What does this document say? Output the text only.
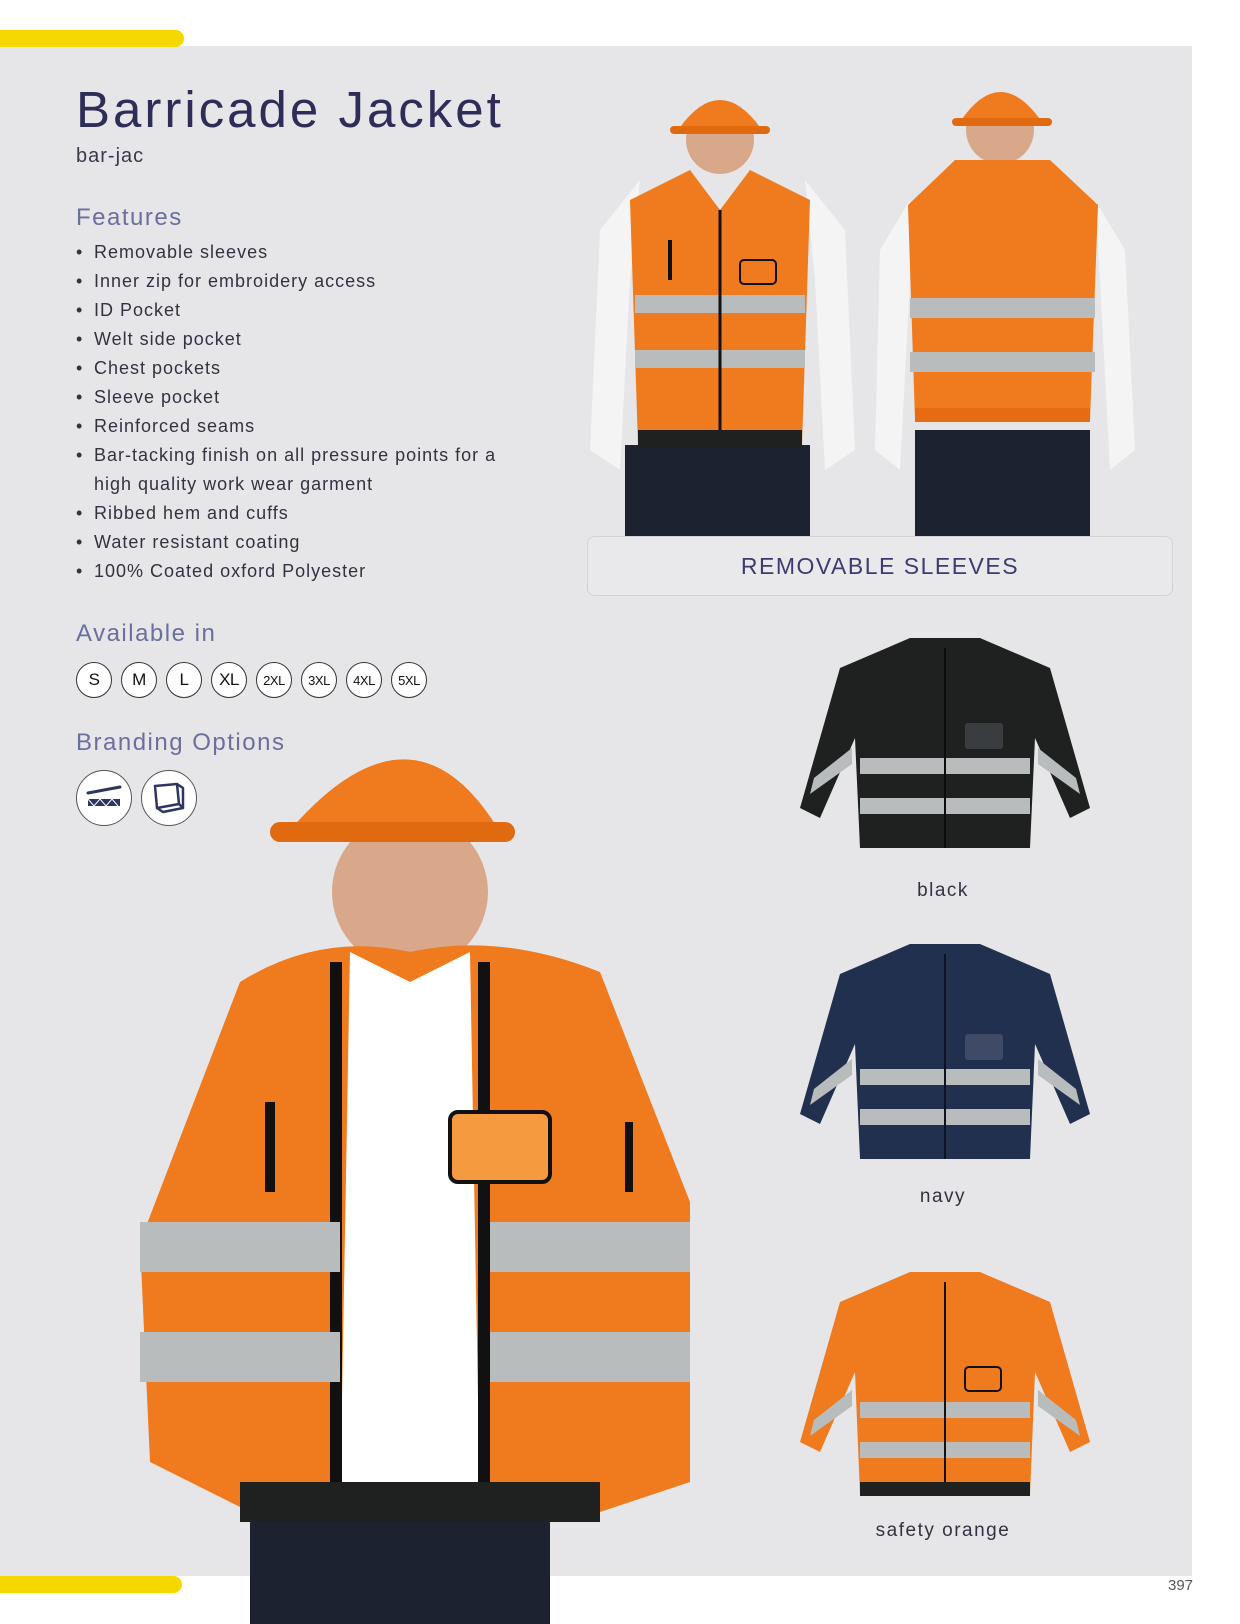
Barricade Jacket
bar-jac
Features
• Removable sleeves
• Inner zip for embroidery access
• ID Pocket
• Welt side pocket
• Chest pockets
• Sleeve pocket
• Reinforced seams
• Bar-tacking finish on all pressure points for a high quality work wear garment
• Ribbed hem and cuffs
• Water resistant coating
• 100% Coated oxford Polyester
Available in
S	M	L	XL	2XL	3XL	4XL	5XL
Branding Options
REMOVABLE SLEEVES
black
navy
safety orange
397
